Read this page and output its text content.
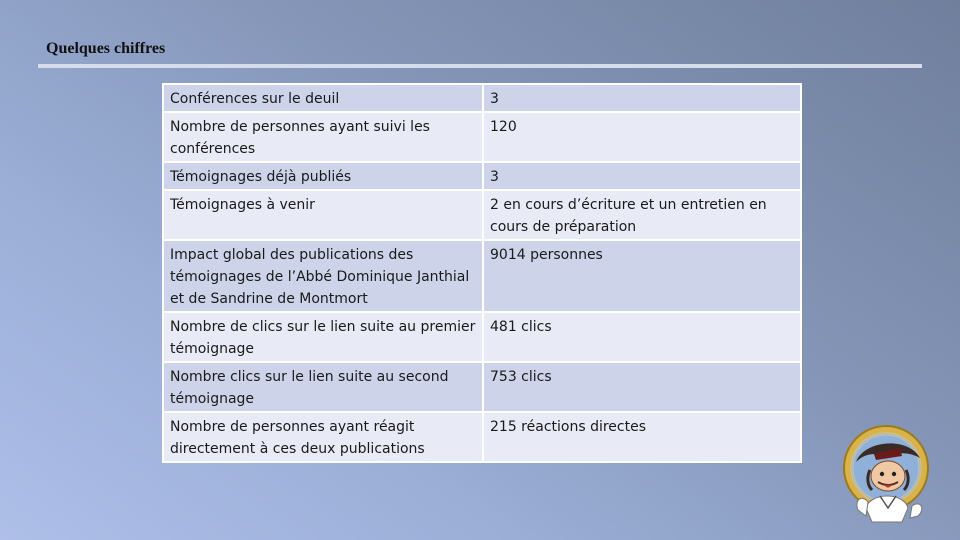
Quelques chiffres
Conférences sur le deuil	3
Nombre de personnes ayant suivi les conférences	120
Témoignages déjà publiés	3
Témoignages à venir	2 en cours d’écriture et un entretien en cours de préparation
Impact global des publications des témoignages de l’Abbé Dominique Janthial et de Sandrine de Montmort	9014 personnes
Nombre de clics sur le lien suite au premier témoignage	481 clics
Nombre clics sur le lien suite au second témoignage	753 clics
Nombre de personnes ayant réagit directement à ces deux publications	215 réactions directes
